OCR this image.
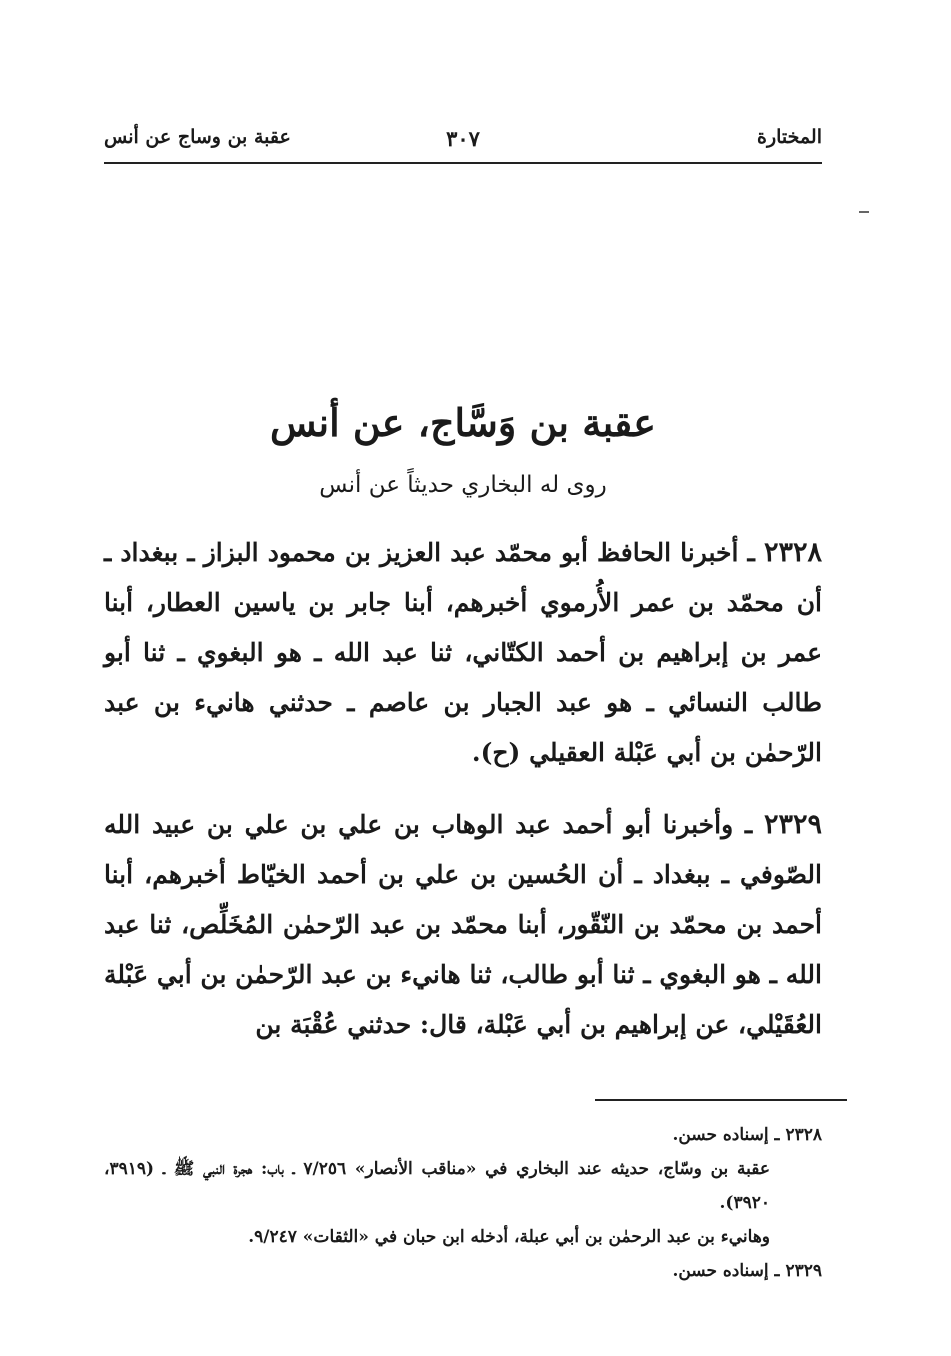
المختارة
٣٠٧
عقبة بن وساج عن أنس
عقبة بن وَسَّاج، عن أنس
روى له البخاري حديثاً عن أنس
٢٣٢٨ ـ أخبرنا الحافظ أبو محمّد عبد العزيز بن محمود البزاز ـ ببغداد ـ أن محمّد بن عمر الأُرموي أخبرهم، أبنا جابر بن ياسين العطار، أبنا عمر بن إبراهيم بن أحمد الكتّاني، ثنا عبد الله ـ هو البغوي ـ ثنا أبو طالب النسائي ـ هو عبد الجبار بن عاصم ـ حدثني هانيء بن عبد الرّحمٰن بن أبي عَبْلة العقيلي (ح).
٢٣٢٩ ـ وأخبرنا أبو أحمد عبد الوهاب بن علي بن علي بن عبيد الله الصّوفي ـ ببغداد ـ أن الحُسين بن علي بن أحمد الخيّاط أخبرهم، أبنا أحمد بن محمّد بن النّقّور، أبنا محمّد بن عبد الرّحمٰن المُخَلِّص، ثنا عبد الله ـ هو البغوي ـ ثنا أبو طالب، ثنا هانيء بن عبد الرّحمٰن بن أبي عَبْلة العُقَيْلي، عن إبراهيم بن أبي عَبْلة، قال: حدثني عُقْبَة بن
٢٣٢٨ ـ إسناده حسن.
عقبة بن وسّاج، حديثه عند البخاري في «مناقب الأنصار» ٧/٢٥٦ ـ باب: هجرة النبي ﷺ ـ (٣٩١٩، ٣٩٢٠).
وهانيء بن عبد الرحمٰن بن أبي عبلة، أدخله ابن حبان في «الثقات» ٩/٢٤٧.
٢٣٢٩ ـ إسناده حسن.
